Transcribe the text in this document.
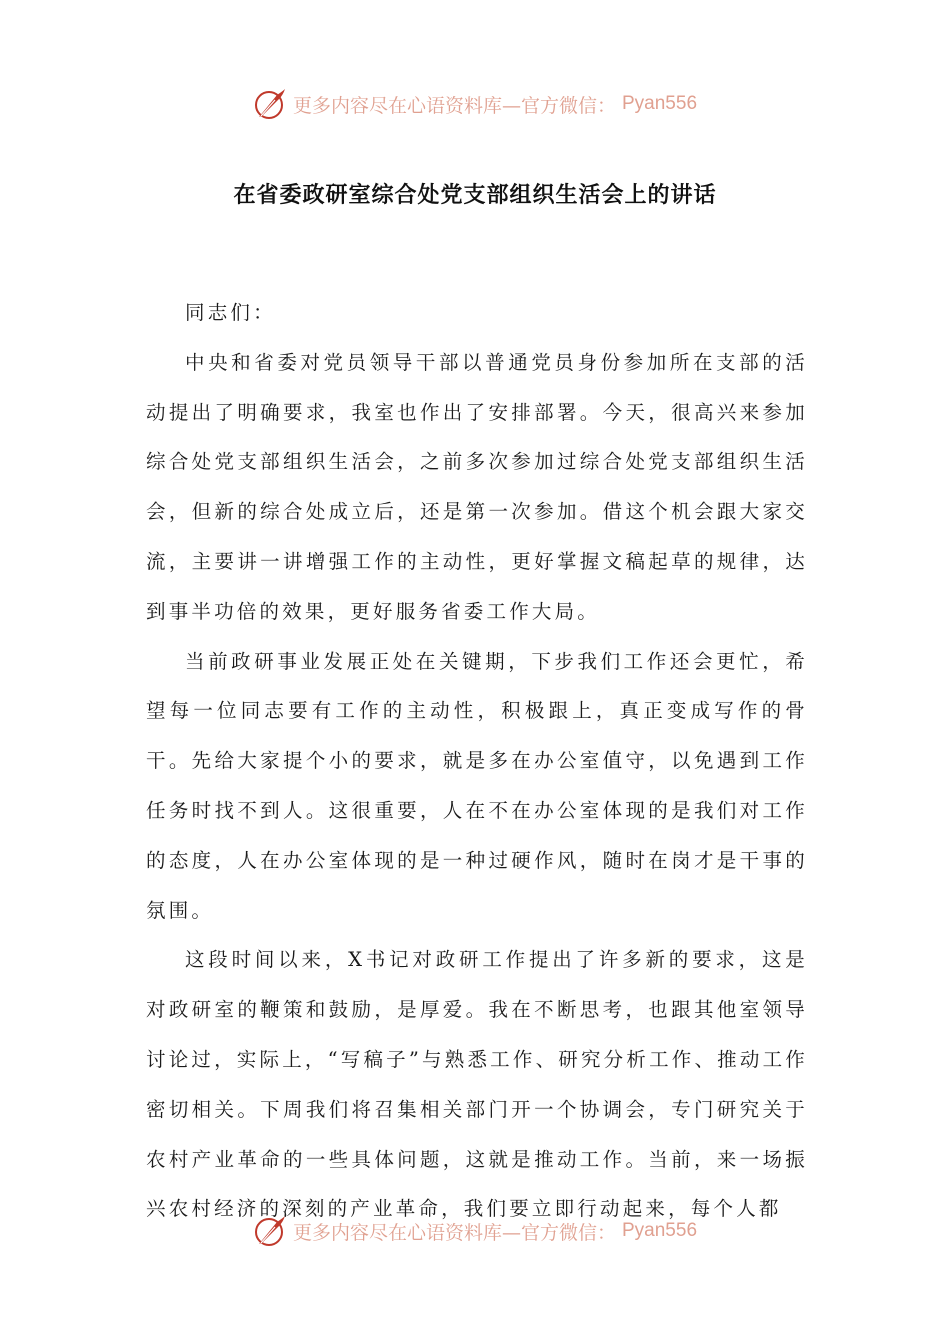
更多内容尽在心语资料库—官方微信： Pyan556
在省委政研室综合处党支部组织生活会上的讲话

同志们：

中央和省委对党员领导干部以普通党员身份参加所在支部的活动提出了明确要求，我室也作出了安排部署。今天，很高兴来参加综合处党支部组织生活会，之前多次参加过综合处党支部组织生活会，但新的综合处成立后，还是第一次参加。借这个机会跟大家交流，主要讲一讲增强工作的主动性，更好掌握文稿起草的规律，达到事半功倍的效果，更好服务省委工作大局。

当前政研事业发展正处在关键期，下步我们工作还会更忙，希望每一位同志要有工作的主动性，积极跟上，真正变成写作的骨干。先给大家提个小的要求，就是多在办公室值守，以免遇到工作任务时找不到人。这很重要，人在不在办公室体现的是我们对工作的态度，人在办公室体现的是一种过硬作风，随时在岗才是干事的氛围。

这段时间以来，X书记对政研工作提出了许多新的要求，这是对政研室的鞭策和鼓励，是厚爱。我在不断思考，也跟其他室领导讨论过，实际上，“写稿子”与熟悉工作、研究分析工作、推动工作密切相关。下周我们将召集相关部门开一个协调会，专门研究关于农村产业革命的一些具体问题，这就是推动工作。当前，来一场振兴农村经济的深刻的产业革命，我们要立即行动起来，每个人都

更多内容尽在心语资料库—官方微信： Pyan556
